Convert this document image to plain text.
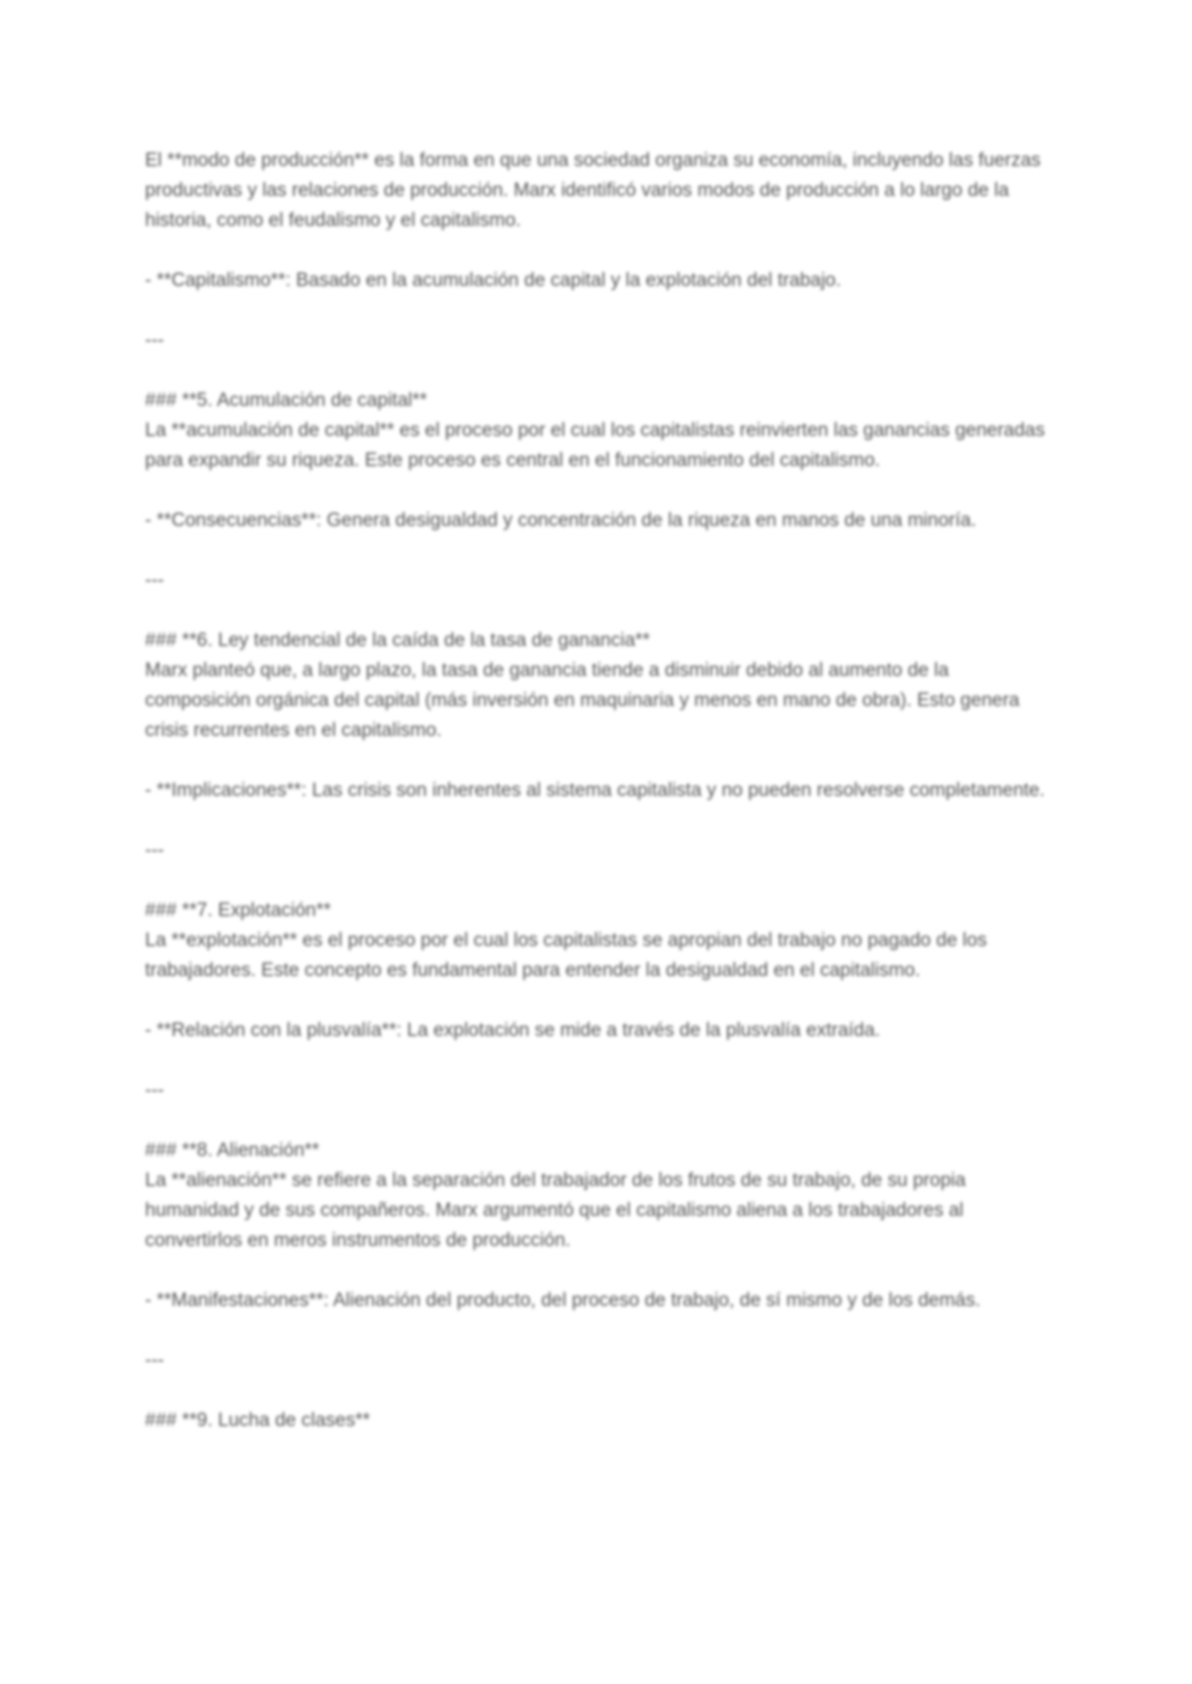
El **modo de producción** es la forma en que una sociedad organiza su economía, incluyendo las fuerzas productivas y las relaciones de producción. Marx identificó varios modos de producción a lo largo de la historia, como el feudalismo y el capitalismo.

- **Capitalismo**: Basado en la acumulación de capital y la explotación del trabajo.

---

### **5. Acumulación de capital**

La **acumulación de capital** es el proceso por el cual los capitalistas reinvierten las ganancias generadas para expandir su riqueza. Este proceso es central en el funcionamiento del capitalismo.

- **Consecuencias**: Genera desigualdad y concentración de la riqueza en manos de una minoría.

---

### **6. Ley tendencial de la caída de la tasa de ganancia**

Marx planteó que, a largo plazo, la tasa de ganancia tiende a disminuir debido al aumento de la composición orgánica del capital (más inversión en maquinaria y menos en mano de obra). Esto genera crisis recurrentes en el capitalismo.

- **Implicaciones**: Las crisis son inherentes al sistema capitalista y no pueden resolverse completamente.

---

### **7. Explotación**

La **explotación** es el proceso por el cual los capitalistas se apropian del trabajo no pagado de los trabajadores. Este concepto es fundamental para entender la desigualdad en el capitalismo.

- **Relación con la plusvalía**: La explotación se mide a través de la plusvalía extraída.

---

### **8. Alienación**

La **alienación** se refiere a la separación del trabajador de los frutos de su trabajo, de su propia humanidad y de sus compañeros. Marx argumentó que el capitalismo aliena a los trabajadores al convertirlos en meros instrumentos de producción.

- **Manifestaciones**: Alienación del producto, del proceso de trabajo, de sí mismo y de los demás.

---

### **9. Lucha de clases**
